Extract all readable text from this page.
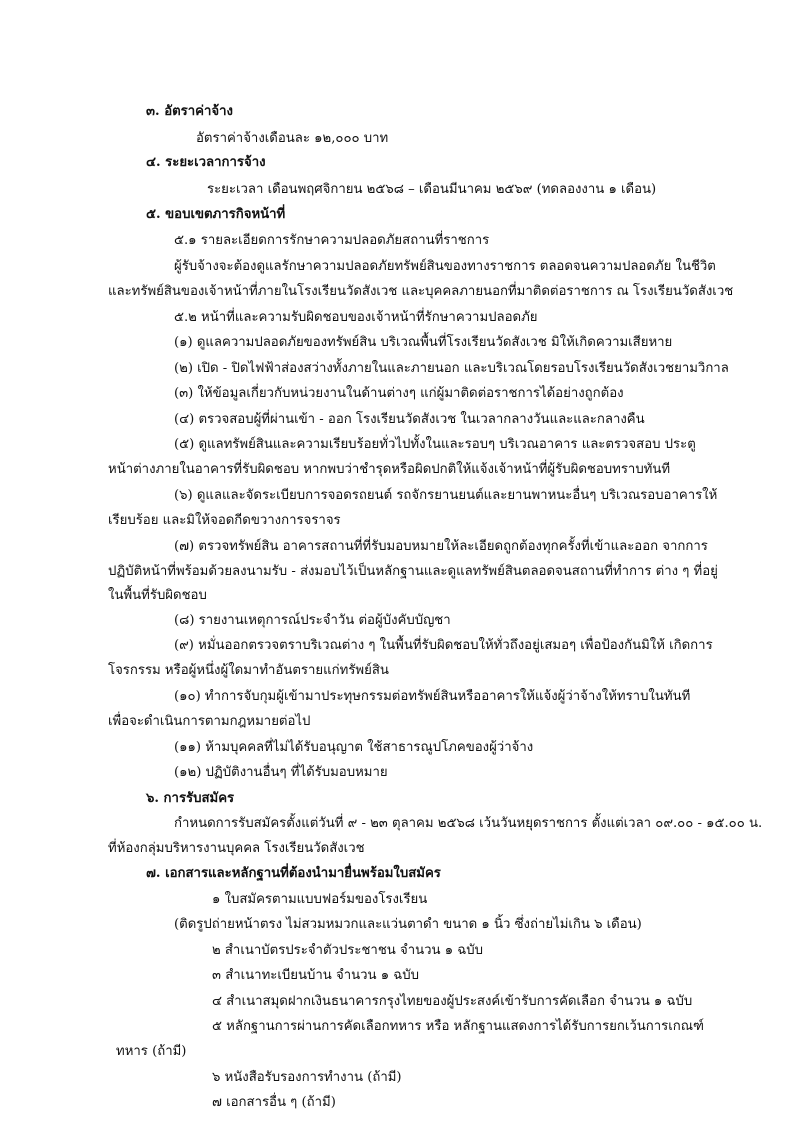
๓. อัตราค่าจ้าง

อัตราค่าจ้างเดือนละ ๑๒,๐๐๐ บาท

๔. ระยะเวลาการจ้าง

ระยะเวลา เดือนพฤศจิกายน ๒๕๖๘ – เดือนมีนาคม ๒๕๖๙ (ทดลองงาน ๑ เดือน)

๕. ขอบเขตภารกิจหน้าที่

๕.๑ รายละเอียดการรักษาความปลอดภัยสถานที่ราชการ

ผู้รับจ้างจะต้องดูแลรักษาความปลอดภัยทรัพย์สินของทางราชการ ตลอดจนความปลอดภัย ในชีวิต

และทรัพย์สินของเจ้าหน้าที่ภายในโรงเรียนวัดสังเวช และบุคคลภายนอกที่มาติดต่อราชการ ณ โรงเรียนวัดสังเวช

๕.๒ หน้าที่และความรับผิดชอบของเจ้าหน้าที่รักษาความปลอดภัย

(๑) ดูแลความปลอดภัยของทรัพย์สิน บริเวณพื้นที่โรงเรียนวัดสังเวช มิให้เกิดความเสียหาย

(๒) เปิด - ปิดไฟฟ้าส่องสว่างทั้งภายในและภายนอก และบริเวณโดยรอบโรงเรียนวัดสังเวชยามวิกาล

(๓) ให้ข้อมูลเกี่ยวกับหน่วยงานในด้านต่างๆ แก่ผู้มาติดต่อราชการได้อย่างถูกต้อง

(๔) ตรวจสอบผู้ที่ผ่านเข้า - ออก โรงเรียนวัดสังเวช ในเวลากลางวันและและกลางคืน

(๕) ดูแลทรัพย์สินและความเรียบร้อยทั่วไปทั้งในและรอบๆ บริเวณอาคาร และตรวจสอบ ประตู

หน้าต่างภายในอาคารที่รับผิดชอบ หากพบว่าชำรุดหรือผิดปกติให้แจ้งเจ้าหน้าที่ผู้รับผิดชอบทราบทันที

(๖) ดูแลและจัดระเบียบการจอดรถยนต์ รถจักรยานยนต์และยานพาหนะอื่นๆ บริเวณรอบอาคารให้

เรียบร้อย และมิให้จอดกีดขวางการจราจร

(๗) ตรวจทรัพย์สิน อาคารสถานที่ที่รับมอบหมายให้ละเอียดถูกต้องทุกครั้งที่เข้าและออก จากการ

ปฏิบัติหน้าที่พร้อมด้วยลงนามรับ - ส่งมอบไว้เป็นหลักฐานและดูแลทรัพย์สินตลอดจนสถานที่ทำการ ต่าง ๆ ที่อยู่

ในพื้นที่รับผิดชอบ

(๘) รายงานเหตุการณ์ประจำวัน ต่อผู้บังคับบัญชา

(๙) หมั่นออกตรวจตราบริเวณต่าง ๆ ในพื้นที่รับผิดชอบให้ทั่วถึงอยู่เสมอๆ เพื่อป้องกันมิให้ เกิดการ

โจรกรรม หรือผู้หนึ่งผู้ใดมาทำอันตรายแก่ทรัพย์สิน

(๑๐) ทำการจับกุมผู้เข้ามาประทุษกรรมต่อทรัพย์สินหรืออาคารให้แจ้งผู้ว่าจ้างให้ทราบในทันที

เพื่อจะดำเนินการตามกฎหมายต่อไป

(๑๑) ห้ามบุคคลที่ไม่ได้รับอนุญาต ใช้สาธารณูปโภคของผู้ว่าจ้าง

(๑๒) ปฏิบัติงานอื่นๆ ที่ได้รับมอบหมาย

๖. การรับสมัคร

กำหนดการรับสมัครตั้งแต่วันที่ ๙ - ๒๓ ตุลาคม ๒๕๖๘ เว้นวันหยุดราชการ ตั้งแต่เวลา ๐๙.๐๐ - ๑๕.๐๐ น.

ที่ห้องกลุ่มบริหารงานบุคคล โรงเรียนวัดสังเวช

๗. เอกสารและหลักฐานที่ต้องนำมายื่นพร้อมใบสมัคร

๑ ใบสมัครตามแบบฟอร์มของโรงเรียน

(ติดรูปถ่ายหน้าตรง ไม่สวมหมวกและแว่นตาดำ ขนาด ๑ นิ้ว ซึ่งถ่ายไม่เกิน ๖ เดือน)

๒ สำเนาบัตรประจำตัวประชาชน จำนวน ๑ ฉบับ

๓ สำเนาทะเบียนบ้าน จำนวน ๑ ฉบับ

๔ สำเนาสมุดฝากเงินธนาคารกรุงไทยของผู้ประสงค์เข้ารับการคัดเลือก จำนวน ๑ ฉบับ

๕ หลักฐานการผ่านการคัดเลือกทหาร หรือ หลักฐานแสดงการได้รับการยกเว้นการเกณฑ์

ทหาร (ถ้ามี)

๖ หนังสือรับรองการทำงาน (ถ้ามี)

๗ เอกสารอื่น ๆ (ถ้ามี)
